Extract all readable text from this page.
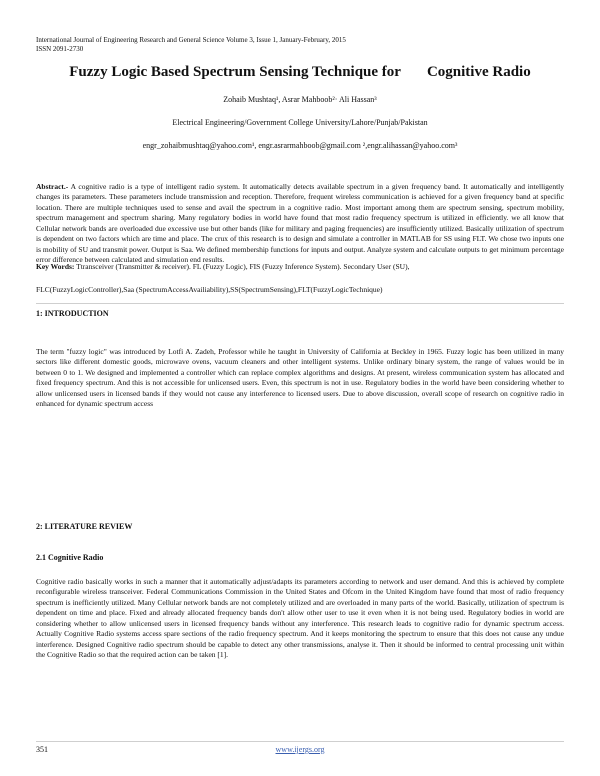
International Journal of Engineering Research and General Science Volume 3, Issue 1, January-February, 2015
ISSN 2091-2730
Fuzzy Logic Based Spectrum Sensing Technique for Cognitive Radio
Zohaib Mushtaq¹, Asrar Mahboob²· Ali Hassan³
Electrical Engineering/Government College University/Lahore/Punjab/Pakistan
engr_zohaibmushtaq@yahoo.com¹, engr.asrarmahboob@gmail.com ²,engr.alihassan@yahoo.com³
Abstract.- A cognitive radio is a type of intelligent radio system. It automatically detects available spectrum in a given frequency band. It automatically and intelligently changes its parameters. These parameters include transmission and reception. Therefore, frequent wireless communication is achieved for a given frequency band at specific location. There are multiple techniques used to sense and avail the spectrum in a cognitive radio. Most important among them are spectrum sensing, spectrum mobility, spectrum management and spectrum sharing. Many regulatory bodies in world have found that most radio frequency spectrum is utilized in efficiently. we all know that Cellular network bands are overloaded due excessive use but other bands (like for military and paging frequencies) are insufficiently utilized. Basically utilization of spectrum is dependent on two factors which are time and place. The crux of this research is to design and simulate a controller in MATLAB for SS using FLT. We chose two inputs one is mobility of SU and transmit power. Output is Saa. We defined membership functions for inputs and output. Analyze system and calculate outputs to get minimum percentage error difference between calculated and simulation end results.
Key Words: Ttransceiver (Transmitter & receiver). FL (Fuzzy Logic), FIS (Fuzzy Inference System). Secondary User (SU),
FLC(FuzzyLogicController),Saa (SpectrumAccessAvailiability),SS(SpectrumSensing),FLT(FuzzyLogicTechnique)
1: INTRODUCTION
The term "fuzzy logic" was introduced by Lotfi A. Zadeh, Professor while he taught in University of California at Beckley in 1965. Fuzzy logic has been utilized in many sectors like different domestic goods, microwave ovens, vacuum cleaners and other intelligent systems. Unlike ordinary binary system, the range of values would be in between 0 to 1. We designed and implemented a controller which can replace complex algorithms and designs. At present, wireless communication system has allocated and fixed frequency spectrum. And this is not accessible for unlicensed users. Even, this spectrum is not in use. Regulatory bodies in the world have been considering whether to allow unlicensed users in licensed bands if they would not cause any interference to licensed users. Due to above discussion, overall scope of research on cognitive radio in enhanced for dynamic spectrum access
2: LITERATURE REVIEW
2.1 Cognitive Radio
Cognitive radio basically works in such a manner that it automatically adjust/adapts its parameters according to network and user demand. And this is achieved by complete reconfigurable wireless transceiver. Federal Communications Commission in the United States and Ofcom in the United Kingdom have found that most of radio frequency spectrum is inefficiently utilized. Many Cellular network bands are not completely utilized and are overloaded in many parts of the world. Basically, utilization of spectrum is dependent on time and place. Fixed and already allocated frequency bands don't allow other user to use it even when it is not being used. Regulatory bodies in world are considering whether to allow unlicensed users in licensed frequency bands without any interference. This research leads to cognitive radio for dynamic spectrum access. Actually Cognitive Radio systems access spare sections of the radio frequency spectrum. And it keeps monitoring the spectrum to ensure that this does not cause any undue interference. Designed Cognitive radio spectrum should be capable to detect any other transmissions, analyse it. Then it should be informed to central processing unit within the Cognitive Radio so that the required action can be taken [1].
351	www.ijergs.org
